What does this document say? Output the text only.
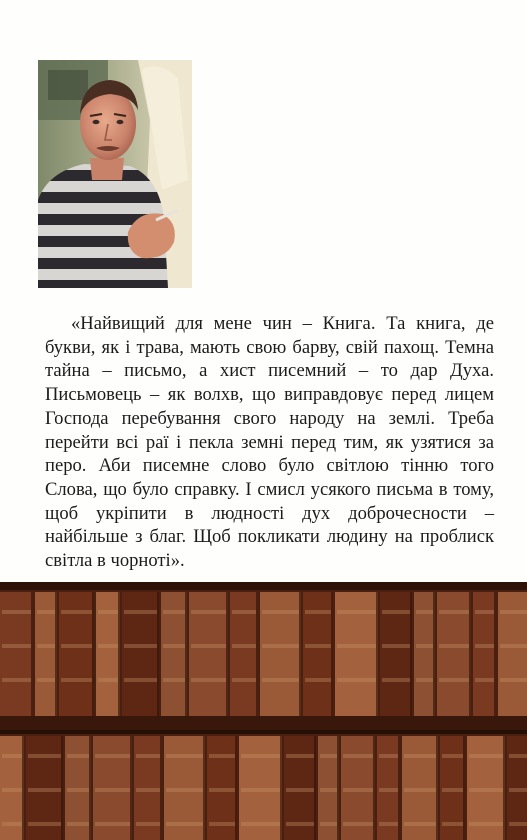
«Найвищий для мене чин – Книга. Та книга, де букви, як і трава, мають свою барву, свій пахощ. Темна тайна – письмо, а хист писемний – то дар Духа. Письмовець – як волхв, що виправдовує перед лицем Господа перебування свого народу на землі. Треба перейти всі раї і пекла земні перед тим, як узятися за перо. Аби писемне слово було світлою тінню того Слова, що було справку. І смисл усякого письма в тому, щоб укріпити в людності дух доброчесности – найбільше з благ. Щоб покликати людину на проблиск світла в чорноті».
